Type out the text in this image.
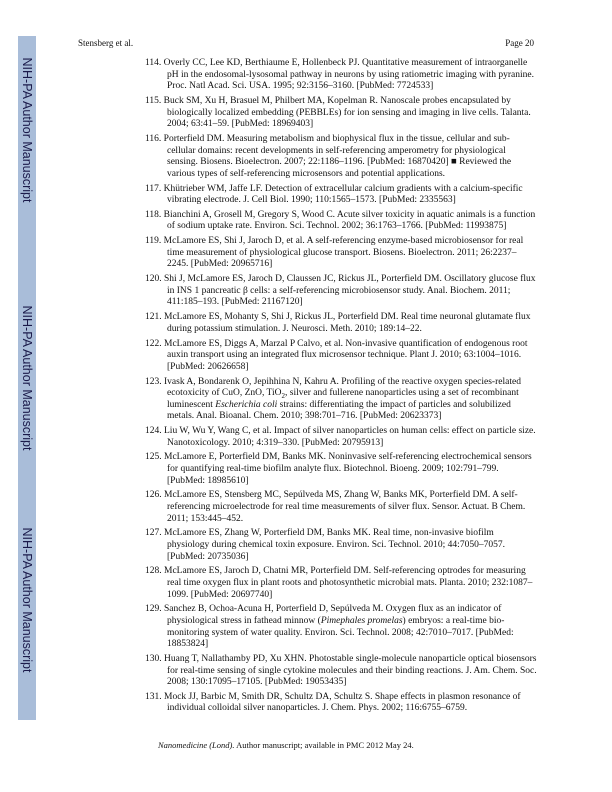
NIH-PA Author Manuscript
NIH-PA Author Manuscript
NIH-PA Author Manuscript
Stensberg et al.	Page 20

114. Overly CC, Lee KD, Berthiaume E, Hollenbeck PJ. Quantitative measurement of intraorganelle pH in the endosomal-lysosomal pathway in neurons by using ratiometric imaging with pyranine. Proc. Natl Acad. Sci. USA. 1995; 92:3156–3160. [PubMed: 7724533]

115. Buck SM, Xu H, Brasuel M, Philbert MA, Kopelman R. Nanoscale probes encapsulated by biologically localized embedding (PEBBLEs) for ion sensing and imaging in live cells. Talanta. 2004; 63:41–59. [PubMed: 18969403]

116. Porterfield DM. Measuring metabolism and biophysical flux in the tissue, cellular and sub-cellular domains: recent developments in self-referencing amperometry for physiological sensing. Biosens. Bioelectron. 2007; 22:1186–1196. [PubMed: 16870420] ■ Reviewed the various types of self-referencing microsensors and potential applications.

117. Khütrieber WM, Jaffe LF. Detection of extracellular calcium gradients with a calcium-specific vibrating electrode. J. Cell Biol. 1990; 110:1565–1573. [PubMed: 2335563]

118. Bianchini A, Grosell M, Gregory S, Wood C. Acute silver toxicity in aquatic animals is a function of sodium uptake rate. Environ. Sci. Technol. 2002; 36:1763–1766. [PubMed: 11993875]

119. McLamore ES, Shi J, Jaroch D, et al. A self-referencing enzyme-based microbiosensor for real time measurement of physiological glucose transport. Biosens. Bioelectron. 2011; 26:2237–2245. [PubMed: 20965716]

120. Shi J, McLamore ES, Jaroch D, Claussen JC, Rickus JL, Porterfield DM. Oscillatory glucose flux in INS 1 pancreatic β cells: a self-referencing microbiosensor study. Anal. Biochem. 2011; 411:185–193. [PubMed: 21167120]

121. McLamore ES, Mohanty S, Shi J, Rickus JL, Porterfield DM. Real time neuronal glutamate flux during potassium stimulation. J. Neurosci. Meth. 2010; 189:14–22.

122. McLamore ES, Diggs A, Marzal P Calvo, et al. Non-invasive quantification of endogenous root auxin transport using an integrated flux microsensor technique. Plant J. 2010; 63:1004–1016. [PubMed: 20626658]

123. Ivask A, Bondarenk O, Jepihhina N, Kahru A. Profiling of the reactive oxygen species-related ecotoxicity of CuO, ZnO, TiO$_2$, silver and fullerene nanoparticles using a set of recombinant luminescent Escherichia coli strains: differentiating the impact of particles and solubilized metals. Anal. Bioanal. Chem. 2010; 398:701–716. [PubMed: 20623373]

124. Liu W, Wu Y, Wang C, et al. Impact of silver nanoparticles on human cells: effect on particle size. Nanotoxicology. 2010; 4:319–330. [PubMed: 20795913]

125. McLamore E, Porterfield DM, Banks MK. Noninvasive self-referencing electrochemical sensors for quantifying real-time biofilm analyte flux. Biotechnol. Bioeng. 2009; 102:791–799. [PubMed: 18985610]

126. McLamore ES, Stensberg MC, Sepúlveda MS, Zhang W, Banks MK, Porterfield DM. A self-referencing microelectrode for real time measurements of silver flux. Sensor. Actuat. B Chem. 2011; 153:445–452.

127. McLamore ES, Zhang W, Porterfield DM, Banks MK. Real time, non-invasive biofilm physiology during chemical toxin exposure. Environ. Sci. Technol. 2010; 44:7050–7057. [PubMed: 20735036]

128. McLamore ES, Jaroch D, Chatni MR, Porterfield DM. Self-referencing optrodes for measuring real time oxygen flux in plant roots and photosynthetic microbial mats. Planta. 2010; 232:1087–1099. [PubMed: 20697740]

129. Sanchez B, Ochoa-Acuna H, Porterfield D, Sepúlveda M. Oxygen flux as an indicator of physiological stress in fathead minnow (Pimephales promelas) embryos: a real-time bio-monitoring system of water quality. Environ. Sci. Technol. 2008; 42:7010–7017. [PubMed: 18853824]

130. Huang T, Nallathamby PD, Xu XHN. Photostable single-molecule nanoparticle optical biosensors for real-time sensing of single cytokine molecules and their binding reactions. J. Am. Chem. Soc. 2008; 130:17095–17105. [PubMed: 19053435]

131. Mock JJ, Barbic M, Smith DR, Schultz DA, Schultz S. Shape effects in plasmon resonance of individual colloidal silver nanoparticles. J. Chem. Phys. 2002; 116:6755–6759.

Nanomedicine (Lond). Author manuscript; available in PMC 2012 May 24.
